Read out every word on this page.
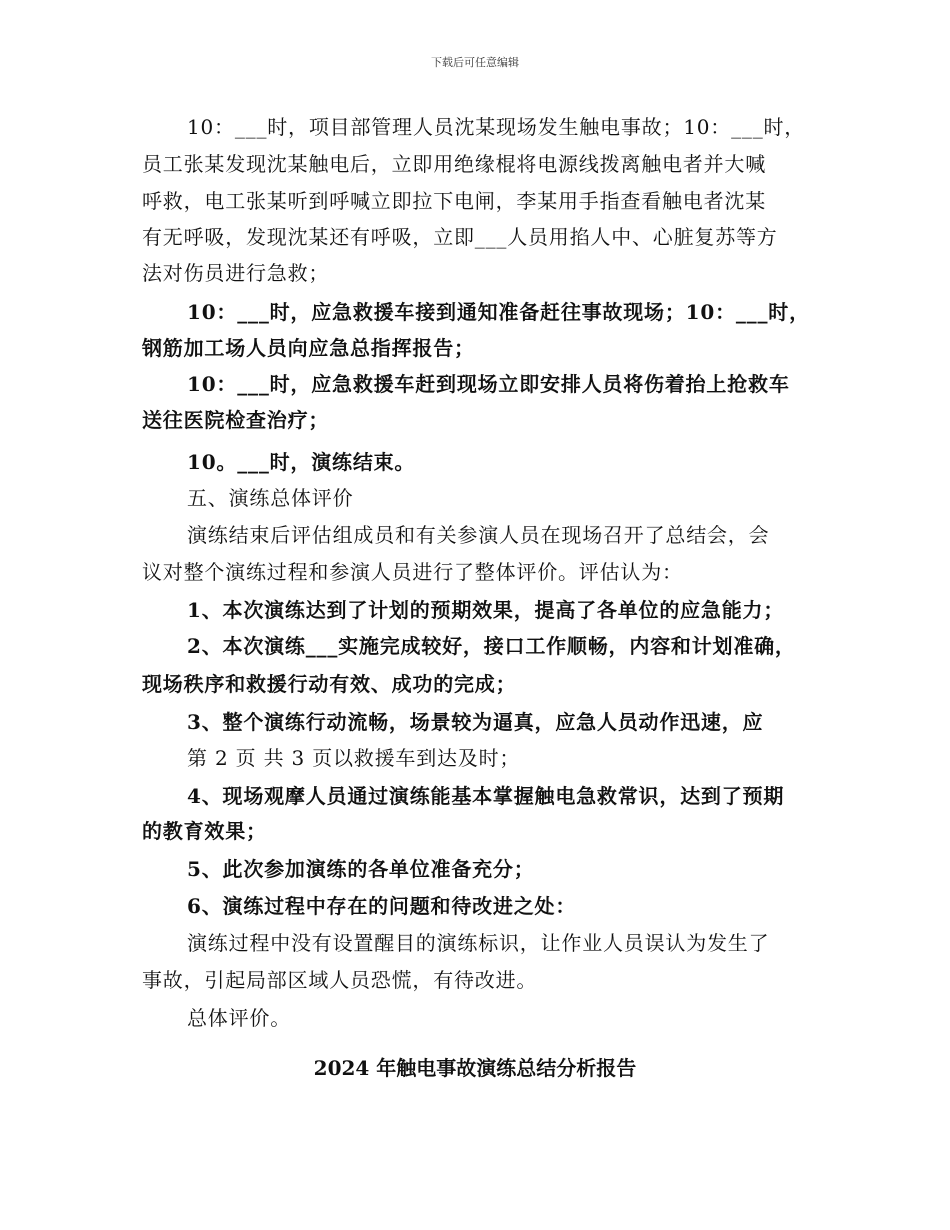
下载后可任意编辑
10：___时，项目部管理人员沈某现场发生触电事故；10：___时，
员工张某发现沈某触电后，立即用绝缘棍将电源线拨离触电者并大喊
呼救，电工张某听到呼喊立即拉下电闸，李某用手指查看触电者沈某
有无呼吸，发现沈某还有呼吸，立即___人员用掐人中、心脏复苏等方
法对伤员进行急救；
10：___时，应急救援车接到通知准备赶往事故现场；10：___时，
钢筋加工场人员向应急总指挥报告；
10：___时，应急救援车赶到现场立即安排人员将伤着抬上抢救车
送往医院检查治疗；
10。___时，演练结束。
五、演练总体评价
演练结束后评估组成员和有关参演人员在现场召开了总结会，会
议对整个演练过程和参演人员进行了整体评价。评估认为：
1、本次演练达到了计划的预期效果，提高了各单位的应急能力；
2、本次演练___实施完成较好，接口工作顺畅，内容和计划准确，
现场秩序和救援行动有效、成功的完成；
3、整个演练行动流畅，场景较为逼真，应急人员动作迅速，应
第 2 页 共 3 页以救援车到达及时；
4、现场观摩人员通过演练能基本掌握触电急救常识，达到了预期
的教育效果；
5、此次参加演练的各单位准备充分；
6、演练过程中存在的问题和待改进之处：
演练过程中没有设置醒目的演练标识，让作业人员误认为发生了
事故，引起局部区域人员恐慌，有待改进。
总体评价。
2024 年触电事故演练总结分析报告
